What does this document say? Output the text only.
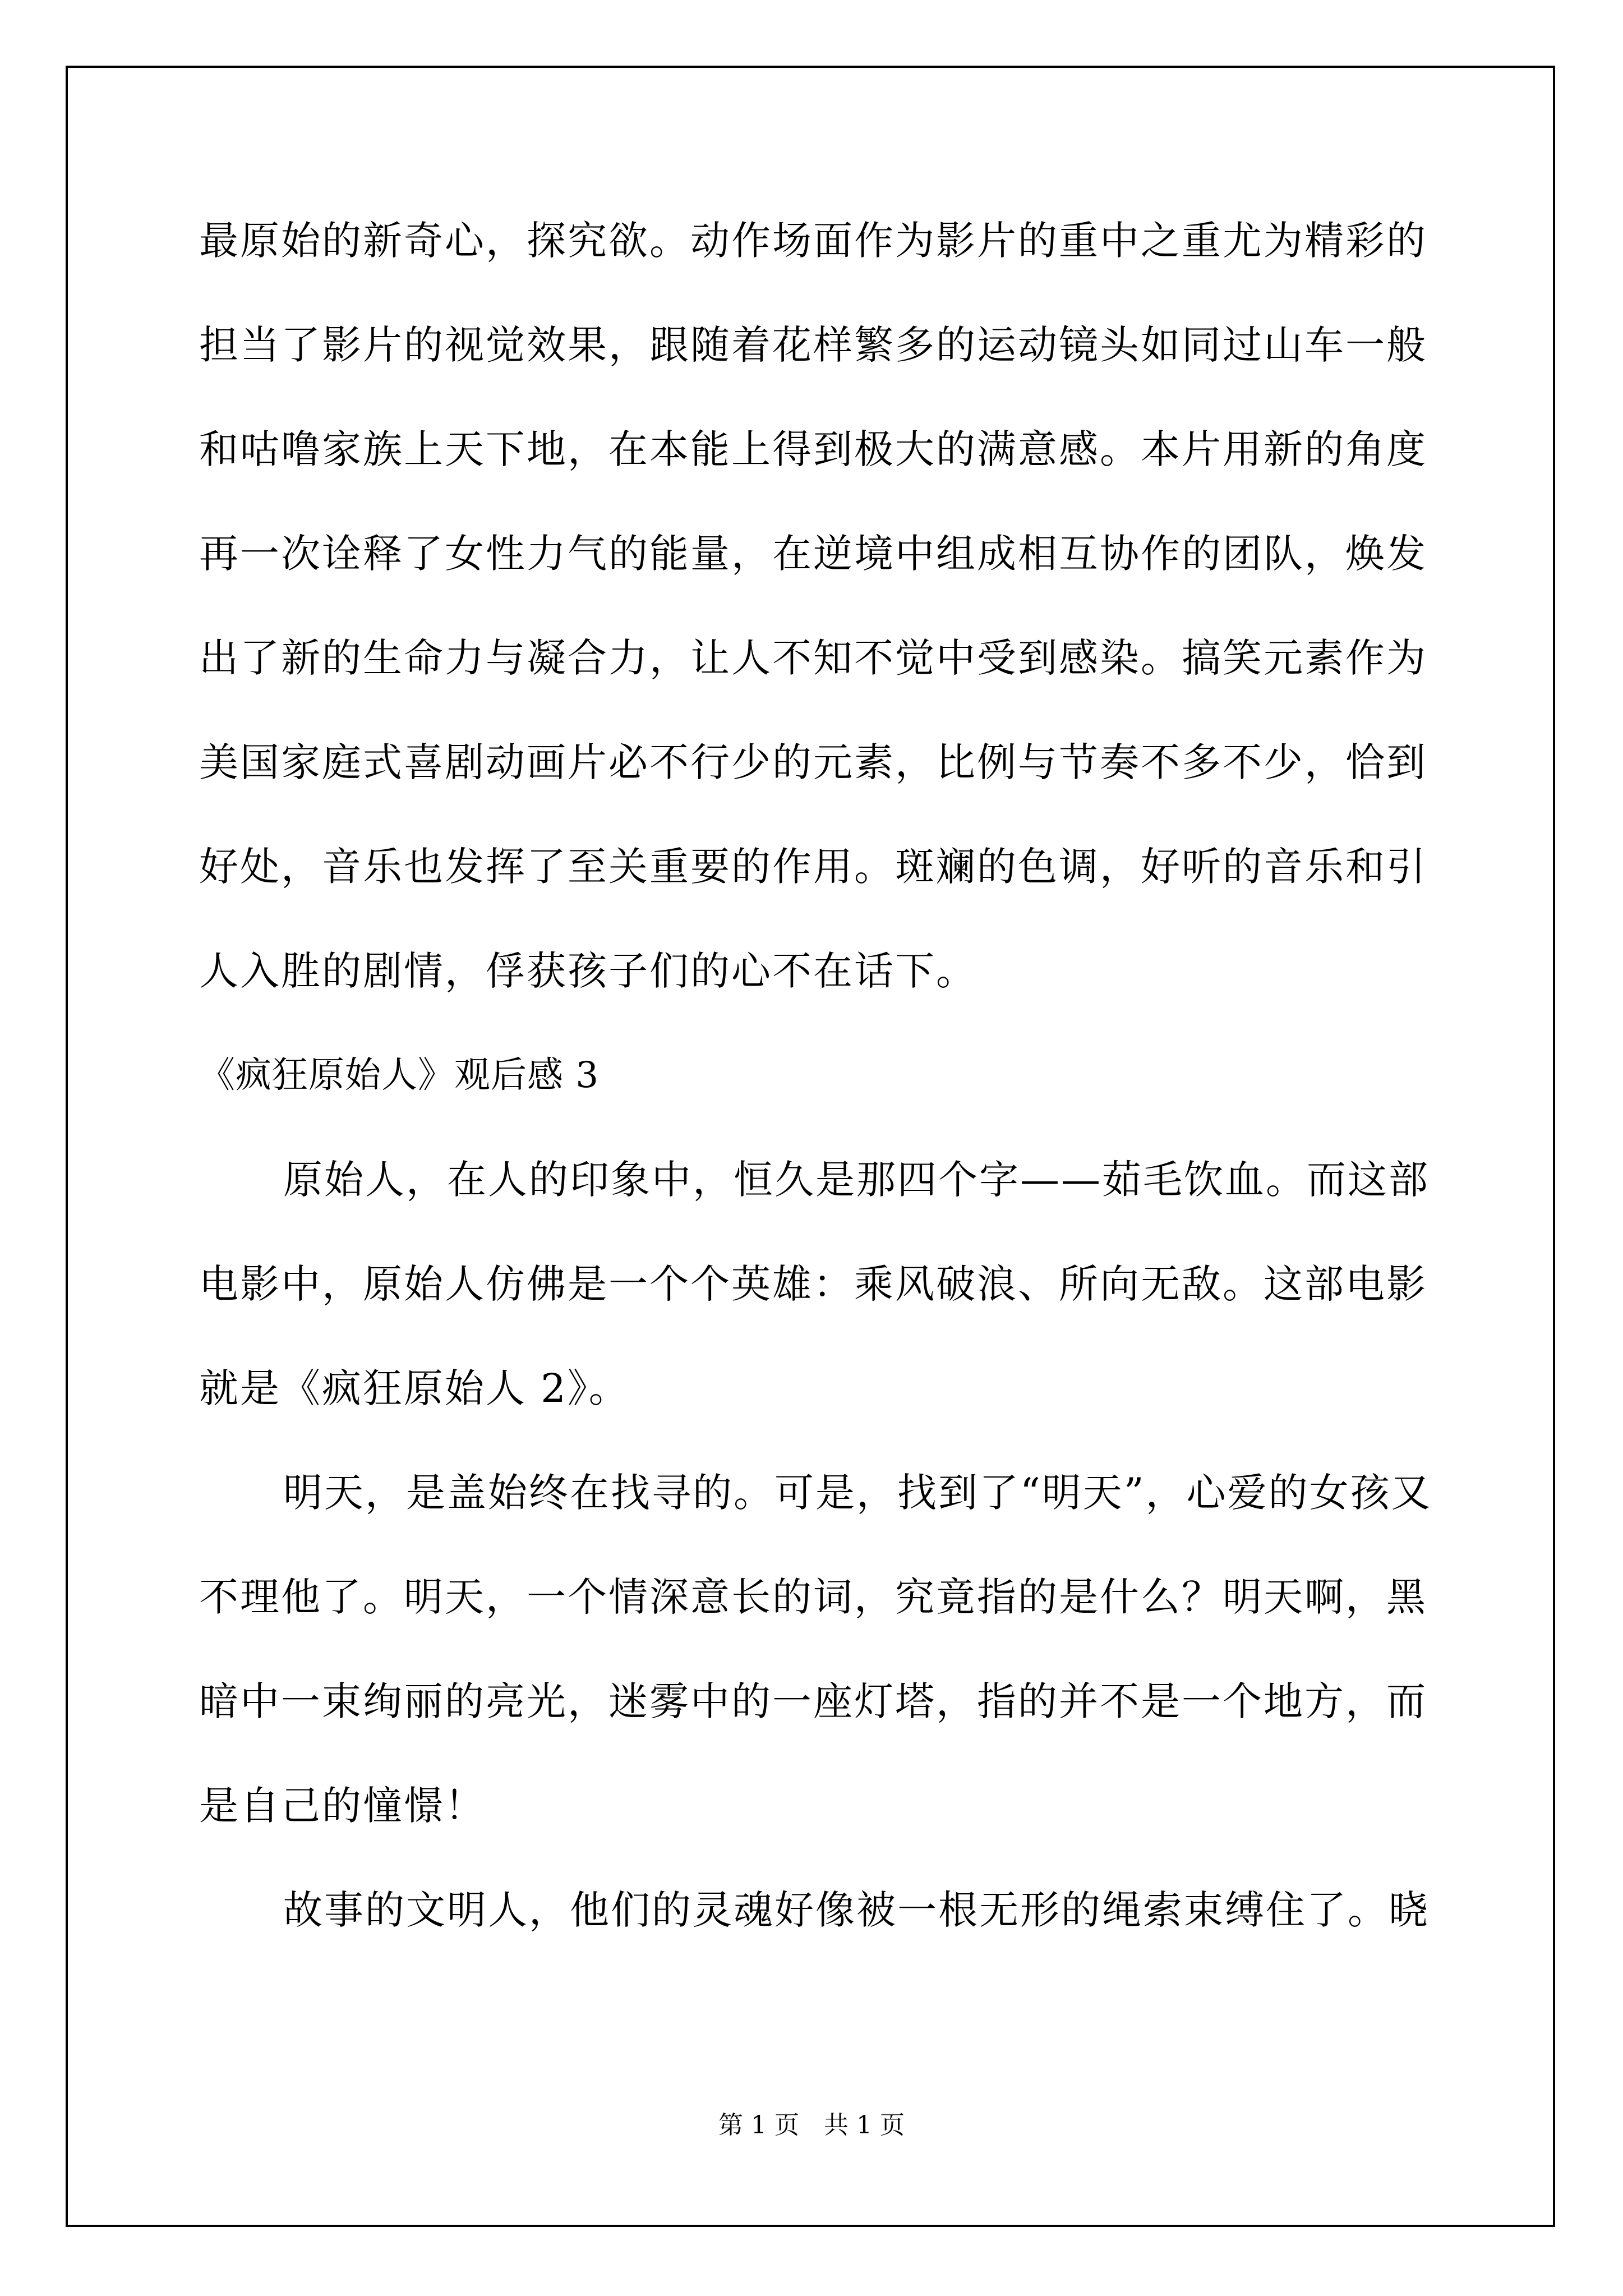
最原始的新奇心，探究欲。动作场面作为影片的重中之重尤为精彩的
担当了影片的视觉效果，跟随着花样繁多的运动镜头如同过山车一般
和咕噜家族上天下地，在本能上得到极大的满意感。本片用新的角度
再一次诠释了女性力气的能量，在逆境中组成相互协作的团队，焕发
出了新的生命力与凝合力，让人不知不觉中受到感染。搞笑元素作为
美国家庭式喜剧动画片必不行少的元素，比例与节奏不多不少，恰到
好处，音乐也发挥了至关重要的作用。斑斓的色调，好听的音乐和引
人入胜的剧情，俘获孩子们的心不在话下。
《疯狂原始人》观后感 3
原始人，在人的印象中，恒久是那四个字——茹毛饮血。而这部
电影中，原始人仿佛是一个个英雄：乘风破浪、所向无敌。这部电影
就是《疯狂原始人 2》。
明天，是盖始终在找寻的。可是，找到了“明天”，心爱的女孩又
不理他了。明天，一个情深意长的词，究竟指的是什么？明天啊，黑
暗中一束绚丽的亮光，迷雾中的一座灯塔，指的并不是一个地方，而
是自己的憧憬！
故事的文明人，他们的灵魂好像被一根无形的绳索束缚住了。晓
第 1 页 共 1 页
